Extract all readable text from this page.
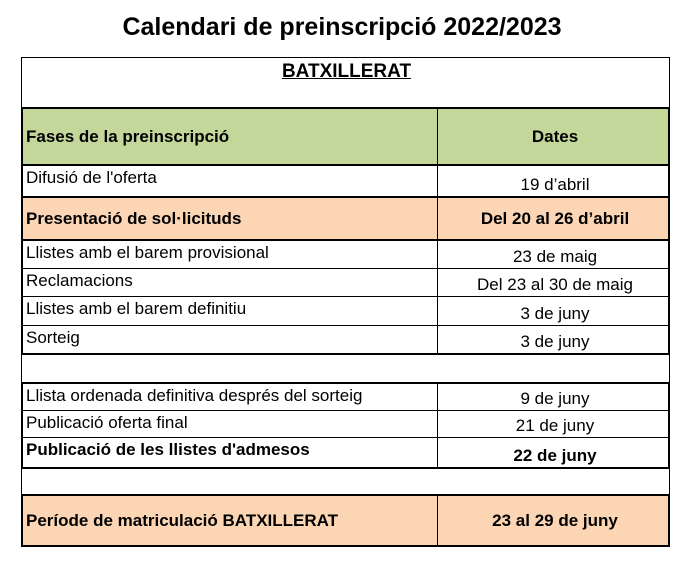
Calendari de preinscripció 2022/2023
BATXILLERAT
Fases de la preinscripció	Dates
Difusió de l'oferta	19 d’abril
Presentació de sol·licituds	Del 20 al 26 d’abril
Llistes amb el barem provisional	23 de maig
Reclamacions	Del 23 al 30 de maig
Llistes amb el barem definitiu	3 de juny
Sorteig	3 de juny
Llista ordenada definitiva després del sorteig	9 de juny
Publicació oferta final	21 de juny
Publicació de les llistes d'admesos	22 de juny
Període de matriculació BATXILLERAT	23 al 29 de juny
